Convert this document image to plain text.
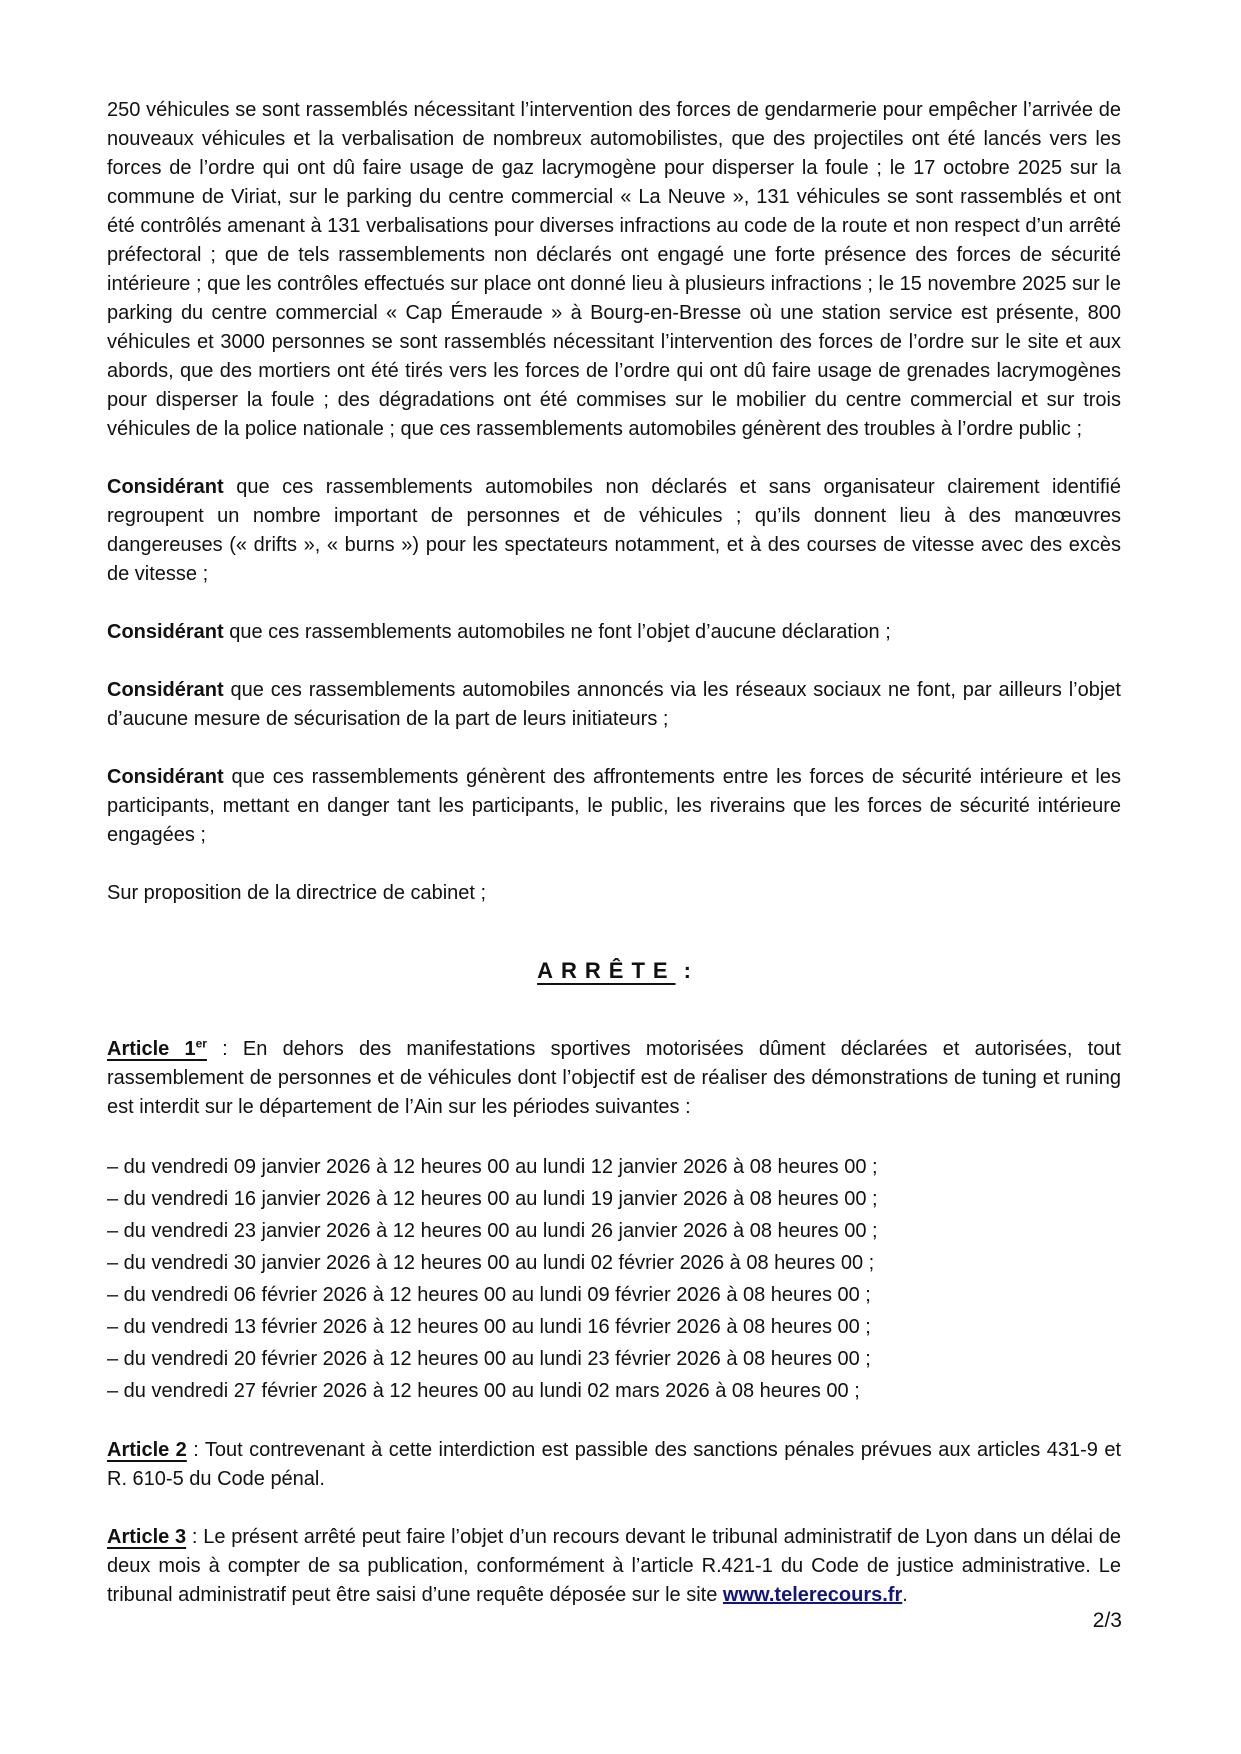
250 véhicules se sont rassemblés nécessitant l’intervention des forces de gendarmerie pour empêcher l’arrivée de nouveaux véhicules et la verbalisation de nombreux automobilistes, que des projectiles ont été lancés vers les forces de l’ordre qui ont dû faire usage de gaz lacrymogène pour disperser la foule ; le 17 octobre 2025 sur la commune de Viriat, sur le parking du centre commercial « La Neuve », 131 véhicules se sont rassemblés et ont été contrôlés amenant à 131 verbalisations pour diverses infractions au code de la route et non respect d’un arrêté préfectoral ; que de tels rassemblements non déclarés ont engagé une forte présence des forces de sécurité intérieure ; que les contrôles effectués sur place ont donné lieu à plusieurs infractions ; le 15 novembre 2025 sur le parking du centre commercial « Cap Émeraude » à Bourg-en-Bresse où une station service est présente, 800 véhicules et 3000 personnes se sont rassemblés nécessitant l’intervention des forces de l’ordre sur le site et aux abords, que des mortiers ont été tirés vers les forces de l’ordre qui ont dû faire usage de grenades lacrymogènes pour disperser la foule ; des dégradations ont été commises sur le mobilier du centre commercial et sur trois véhicules de la police nationale ; que ces rassemblements automobiles génèrent des troubles à l’ordre public ;

Considérant que ces rassemblements automobiles non déclarés et sans organisateur clairement identifié regroupent un nombre important de personnes et de véhicules ; qu’ils donnent lieu à des manœuvres dangereuses (« drifts », « burns ») pour les spectateurs notamment, et à des courses de vitesse avec des excès de vitesse ;

Considérant que ces rassemblements automobiles ne font l’objet d’aucune déclaration ;

Considérant que ces rassemblements automobiles annoncés via les réseaux sociaux ne font, par ailleurs l’objet d’aucune mesure de sécurisation de la part de leurs initiateurs ;

Considérant que ces rassemblements génèrent des affrontements entre les forces de sécurité intérieure et les participants, mettant en danger tant les participants, le public, les riverains que les forces de sécurité intérieure engagées ;

Sur proposition de la directrice de cabinet ;

ARRÊTE :

Article 1er : En dehors des manifestations sportives motorisées dûment déclarées et autorisées, tout rassemblement de personnes et de véhicules dont l’objectif est de réaliser des démonstrations de tuning et runing est interdit sur le département de l’Ain sur les périodes suivantes :

– du vendredi 09 janvier 2026 à 12 heures 00 au lundi 12 janvier 2026 à 08 heures 00 ;
– du vendredi 16 janvier 2026 à 12 heures 00 au lundi 19 janvier 2026 à 08 heures 00 ;
– du vendredi 23 janvier 2026 à 12 heures 00 au lundi 26 janvier 2026 à 08 heures 00 ;
– du vendredi 30 janvier 2026 à 12 heures 00 au lundi 02 février 2026 à 08 heures 00 ;
– du vendredi 06 février 2026 à 12 heures 00 au lundi 09 février 2026 à 08 heures 00 ;
– du vendredi 13 février 2026 à 12 heures 00 au lundi 16 février 2026 à 08 heures 00 ;
– du vendredi 20 février 2026 à 12 heures 00 au lundi 23 février 2026 à 08 heures 00 ;
– du vendredi 27 février 2026 à 12 heures 00 au lundi 02 mars 2026 à 08 heures 00 ;

Article 2 : Tout contrevenant à cette interdiction est passible des sanctions pénales prévues aux articles 431-9 et R. 610-5 du Code pénal.

Article 3 : Le présent arrêté peut faire l’objet d’un recours devant le tribunal administratif de Lyon dans un délai de deux mois à compter de sa publication, conformément à l’article R.421-1 du Code de justice administrative. Le tribunal administratif peut être saisi d’une requête déposée sur le site www.telerecours.fr.

2/3
